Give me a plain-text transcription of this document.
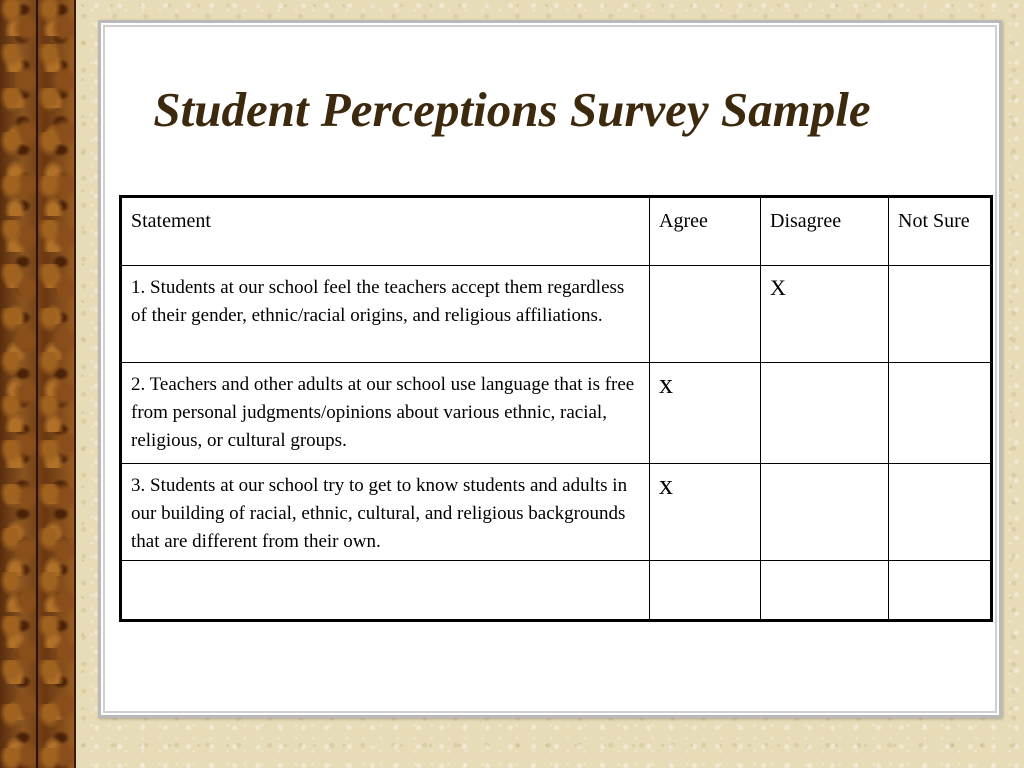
Student Perceptions Survey Sample
Statement	Agree	Disagree	Not Sure
1. Students at our school feel the teachers accept them regardless of their gender, ethnic/racial origins, and religious affiliations.		X	
2. Teachers and other adults at our school use language that is free from personal judgments/opinions about various ethnic, racial, religious, or cultural groups.	x		
3. Students at our school try to get to know students and adults in our building of racial, ethnic, cultural, and religious backgrounds that are different from their own.	x		
